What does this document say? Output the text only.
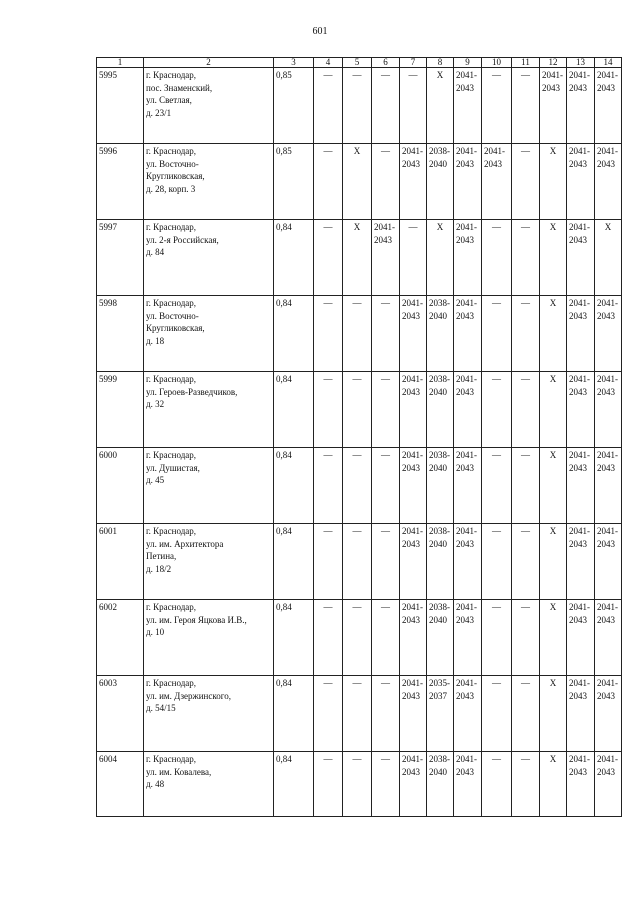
601
1	2	3	4	5	6	7	8	9	10	11	12	13	14
5995	г. Краснодар,
пос. Знаменский,
ул. Светлая,
д. 23/1	0,85	—	—	—	—	X	2041-
2043	—	—	2041-
2043	2041-
2043	2041-
2043
5996	г. Краснодар,
ул. Восточно-
Кругликовская,
д. 28, корп. 3	0,85	—	X	—	2041-
2043	2038-
2040	2041-
2043	2041-
2043	—	X	2041-
2043	2041-
2043
5997	г. Краснодар,
ул. 2-я Российская,
д. 84	0,84	—	X	2041-
2043	—	X	2041-
2043	—	—	X	2041-
2043	X
5998	г. Краснодар,
ул. Восточно-
Кругликовская,
д. 18	0,84	—	—	—	2041-
2043	2038-
2040	2041-
2043	—	—	X	2041-
2043	2041-
2043
5999	г. Краснодар,
ул. Героев-Разведчиков,
д. 32	0,84	—	—	—	2041-
2043	2038-
2040	2041-
2043	—	—	X	2041-
2043	2041-
2043
6000	г. Краснодар,
ул. Душистая,
д. 45	0,84	—	—	—	2041-
2043	2038-
2040	2041-
2043	—	—	X	2041-
2043	2041-
2043
6001	г. Краснодар,
ул. им. Архитектора
Петина,
д. 18/2	0,84	—	—	—	2041-
2043	2038-
2040	2041-
2043	—	—	X	2041-
2043	2041-
2043
6002	г. Краснодар,
ул. им. Героя Яцкова И.В.,
д. 10	0,84	—	—	—	2041-
2043	2038-
2040	2041-
2043	—	—	X	2041-
2043	2041-
2043
6003	г. Краснодар,
ул. им. Дзержинского,
д. 54/15	0,84	—	—	—	2041-
2043	2035-
2037	2041-
2043	—	—	X	2041-
2043	2041-
2043
6004	г. Краснодар,
ул. им. Ковалева,
д. 48	0,84	—	—	—	2041-
2043	2038-
2040	2041-
2043	—	—	X	2041-
2043	2041-
2043
